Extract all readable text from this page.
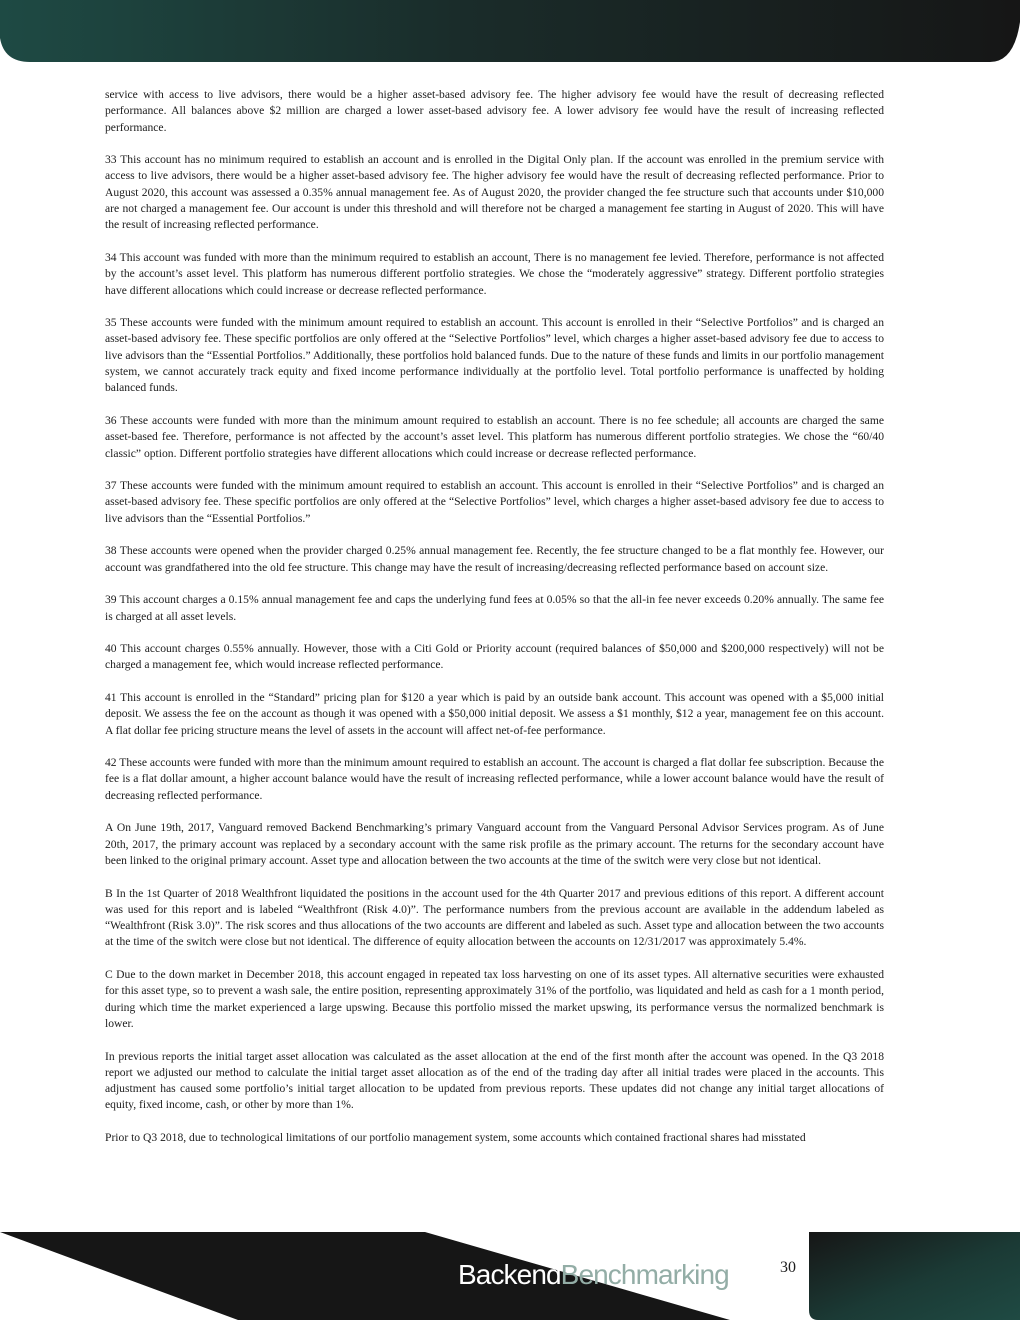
service with access to live advisors, there would be a higher asset-based advisory fee. The higher advisory fee would have the result of decreasing reflected performance. All balances above $2 million are charged a lower asset-based advisory fee. A lower advisory fee would have the result of increasing reflected performance.

33 This account has no minimum required to establish an account and is enrolled in the Digital Only plan. If the account was enrolled in the premium service with access to live advisors, there would be a higher asset-based advisory fee. The higher advisory fee would have the result of decreasing reflected performance. Prior to August 2020, this account was assessed a 0.35% annual management fee. As of August 2020, the provider changed the fee structure such that accounts under $10,000 are not charged a management fee. Our account is under this threshold and will therefore not be charged a management fee starting in August of 2020. This will have the result of increasing reflected performance.

34 This account was funded with more than the minimum required to establish an account, There is no management fee levied. Therefore, performance is not affected by the account’s asset level. This platform has numerous different portfolio strategies. We chose the “moderately aggressive” strategy. Different portfolio strategies have different allocations which could increase or decrease reflected performance.

35 These accounts were funded with the minimum amount required to establish an account. This account is enrolled in their “Selective Portfolios” and is charged an asset-based advisory fee. These specific portfolios are only offered at the “Selective Portfolios” level, which charges a higher asset-based advisory fee due to access to live advisors than the “Essential Portfolios.” Additionally, these portfolios hold balanced funds. Due to the nature of these funds and limits in our portfolio management system, we cannot accurately track equity and fixed income performance individually at the portfolio level. Total portfolio performance is unaffected by holding balanced funds.

36 These accounts were funded with more than the minimum amount required to establish an account. There is no fee schedule; all accounts are charged the same asset-based fee. Therefore, performance is not affected by the account’s asset level. This platform has numerous different portfolio strategies. We chose the “60/40 classic” option. Different portfolio strategies have different allocations which could increase or decrease reflected performance.

37 These accounts were funded with the minimum amount required to establish an account. This account is enrolled in their “Selective Portfolios” and is charged an asset-based advisory fee. These specific portfolios are only offered at the “Selective Portfolios” level, which charges a higher asset-based advisory fee due to access to live advisors than the “Essential Portfolios.”

38 These accounts were opened when the provider charged 0.25% annual management fee. Recently, the fee structure changed to be a flat monthly fee. However, our account was grandfathered into the old fee structure. This change may have the result of increasing/decreasing reflected performance based on account size.

39 This account charges a 0.15% annual management fee and caps the underlying fund fees at 0.05% so that the all-in fee never exceeds 0.20% annually. The same fee is charged at all asset levels.

40 This account charges 0.55% annually. However, those with a Citi Gold or Priority account (required balances of $50,000 and $200,000 respectively) will not be charged a management fee, which would increase reflected performance.

41 This account is enrolled in the “Standard” pricing plan for $120 a year which is paid by an outside bank account. This account was opened with a $5,000 initial deposit. We assess the fee on the account as though it was opened with a $50,000 initial deposit. We assess a $1 monthly, $12 a year, management fee on this account. A flat dollar fee pricing structure means the level of assets in the account will affect net-of-fee performance.

42 These accounts were funded with more than the minimum amount required to establish an account. The account is charged a flat dollar fee subscription. Because the fee is a flat dollar amount, a higher account balance would have the result of increasing reflected performance, while a lower account balance would have the result of decreasing reflected performance.

A On June 19th, 2017, Vanguard removed Backend Benchmarking’s primary Vanguard account from the Vanguard Personal Advisor Services program. As of June 20th, 2017, the primary account was replaced by a secondary account with the same risk profile as the primary account. The returns for the secondary account have been linked to the original primary account. Asset type and allocation between the two accounts at the time of the switch were very close but not identical.

B In the 1st Quarter of 2018 Wealthfront liquidated the positions in the account used for the 4th Quarter 2017 and previous editions of this report. A different account was used for this report and is labeled “Wealthfront (Risk 4.0)”. The performance numbers from the previous account are available in the addendum labeled as “Wealthfront (Risk 3.0)”. The risk scores and thus allocations of the two accounts are different and labeled as such. Asset type and allocation between the two accounts at the time of the switch were close but not identical. The difference of equity allocation between the accounts on 12/31/2017 was approximately 5.4%.

C Due to the down market in December 2018, this account engaged in repeated tax loss harvesting on one of its asset types. All alternative securities were exhausted for this asset type, so to prevent a wash sale, the entire position, representing approximately 31% of the portfolio, was liquidated and held as cash for a 1 month period, during which time the market experienced a large upswing. Because this portfolio missed the market upswing, its performance versus the normalized benchmark is lower.

In previous reports the initial target asset allocation was calculated as the asset allocation at the end of the first month after the account was opened. In the Q3 2018 report we adjusted our method to calculate the initial target asset allocation as of the end of the trading day after all initial trades were placed in the accounts. This adjustment has caused some portfolio’s initial target allocation to be updated from previous reports. These updates did not change any initial target allocations of equity, fixed income, cash, or other by more than 1%.

Prior to Q3 2018, due to technological limitations of our portfolio management system, some accounts which contained fractional shares had misstated

BackendBenchmarking	30
